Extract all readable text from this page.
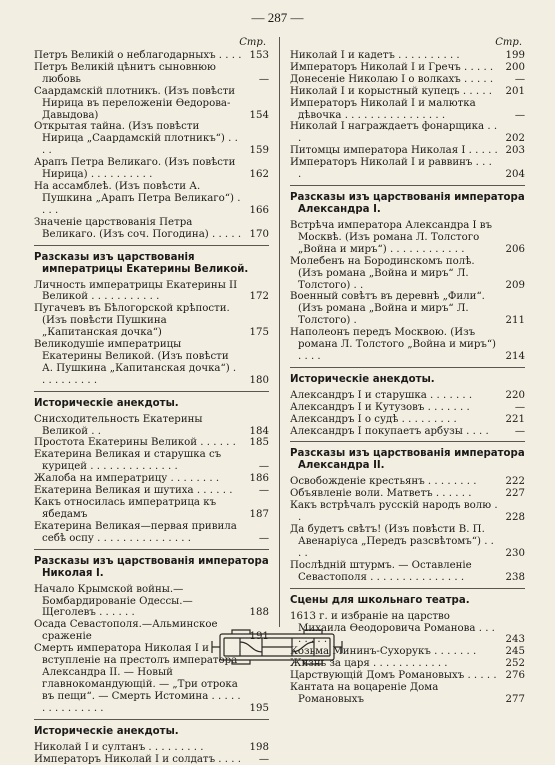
— 287 —
Стр.
Петръ Великій о неблагодарныхъ . . . . 153
Петръ Великій цѣнитъ сыновнюю любовь	—
Саардамскій плотникъ. (Изъ повѣсти Нирица въ переложеніи Ѳедорова-Давыдова)	154
Открытая тайна. (Изъ повѣсти Нирица „Саардамскій плотникъ“) . . . .	159
Арапъ Петра Великаго. (Изъ повѣсти Нирица) . . . . . . . . . .	162
На ассамблеѣ. (Изъ повѣсти А. Пушкина „Арапъ Петра Великаго“) . . . .	166
Значеніе царствованія Петра Великаго. (Изъ соч. Погодина) . . . . . 170
Разсказы изъ царствованія императрицы Екатерины Великой.
Личность императрицы Екатерины II Великой . . . . . . . . . . .	172
Пугачевъ въ Бѣлогорской крѣпости. (Изъ повѣсти Пушкина „Капитанская дочка“)	175
Великодушіе императрицы Екатерины Великой. (Изъ повѣсти А. Пушкина „Капитанская дочка“) . . . . . . . . . .	180
Историческіе анекдоты.
Снисходительность Екатерины Великой . .	184
Простота Екатерины Великой . . . . . .	185
Екатерина Великая и старушка съ курицей . . . . . . . . . . . . . .	—
Жалоба на императрицу . . . . . . . .	186
Екатерина Великая и шутиха . . . . . .	—
Какъ относилась императрица къ ябедамъ	187
Екатерина Великая—первая привила себѣ оспу . . . . . . . . . . . . . . .	—
Разсказы изъ царствованія императора Николая I.
Начало Крымской войны.—Бомбардированіе Одессы.—Щеголевъ . . . . . .	188
Осада Севастополя.—Альминское сраженіе	191
Смерть императора Николая I и вступленіе на престолъ императора Александра II. — Новый главнокомандующій. — „Три отрока въ пещи“. — Смерть Истомина . . . . . . . . . . . . . . .	195
Историческіе анекдоты.
Николай I и султанъ . . . . . . . . .	198
Императоръ Николай I и солдатъ . . . .	—
Стр.
Николай I и кадетъ . . . . . . . . . .	199
Императоръ Николай I и Гречъ . . . . .	200
Донесеніе Николаю I о волкахъ . . . . .	—
Николай I и корыстный купецъ . . . . .	201
Императоръ Николай I и малютка дѣвочка . . . . . . . . . . . . . . . .	—
Николай I награждаетъ фонарщика . . .	202
Питомцы императора Николая I . . . . . 203
Императоръ Николай I и раввинъ . . . .	204
Разсказы изъ царствованія императора Александра I.
Встрѣча императора Александра I въ Москвѣ. (Изъ романа Л. Толстого „Война и миръ“) . . . . . . . . . . . .	206
Молебенъ на Бородинскомъ полѣ. (Изъ романа „Война и миръ“ Л. Толстого) . .	209
Военный совѣтъ въ деревнѣ „Фили“. (Изъ романа „Война и миръ“ Л. Толстого) .	211
Наполеонъ передъ Москвою. (Изъ романа Л. Толстого „Война и миръ“) . . . .	214
Историческіе анекдоты.
Александръ I и старушка . . . . . . .	220
Александръ I и Кутузовъ . . . . . . .	—
Александръ I о судѣ . . . . . . . . .	221
Александръ I покупаетъ арбузы . . . .	—
Разсказы изъ царствованія императора Александра II.
Освобожденіе крестьянъ . . . . . . . .	222
Объявленіе воли. Матветъ . . . . . .	227
Какъ встрѣчалъ русскій народъ волю . .	228
Да будетъ свѣтъ! (Изъ повѣсти В. П. Авенаріуса „Передъ разсвѣтомъ“) . . . .	230
Послѣдній штурмъ. — Оставленіе Севастополя . . . . . . . . . . . . . . .	238
Сцены для школьнаго театра.
1613 г. и избраніе на царство Михаила Ѳеодоровича Романова . . . . . . . .	243
Козьма Мининъ-Сухорукъ . . . . . . .	245
Жизнь за царя . . . . . . . . . . . .	252
Царствующій Домъ Романовыхъ . . . . . 276
Кантата на воцареніе Дома Романовыхъ	277
